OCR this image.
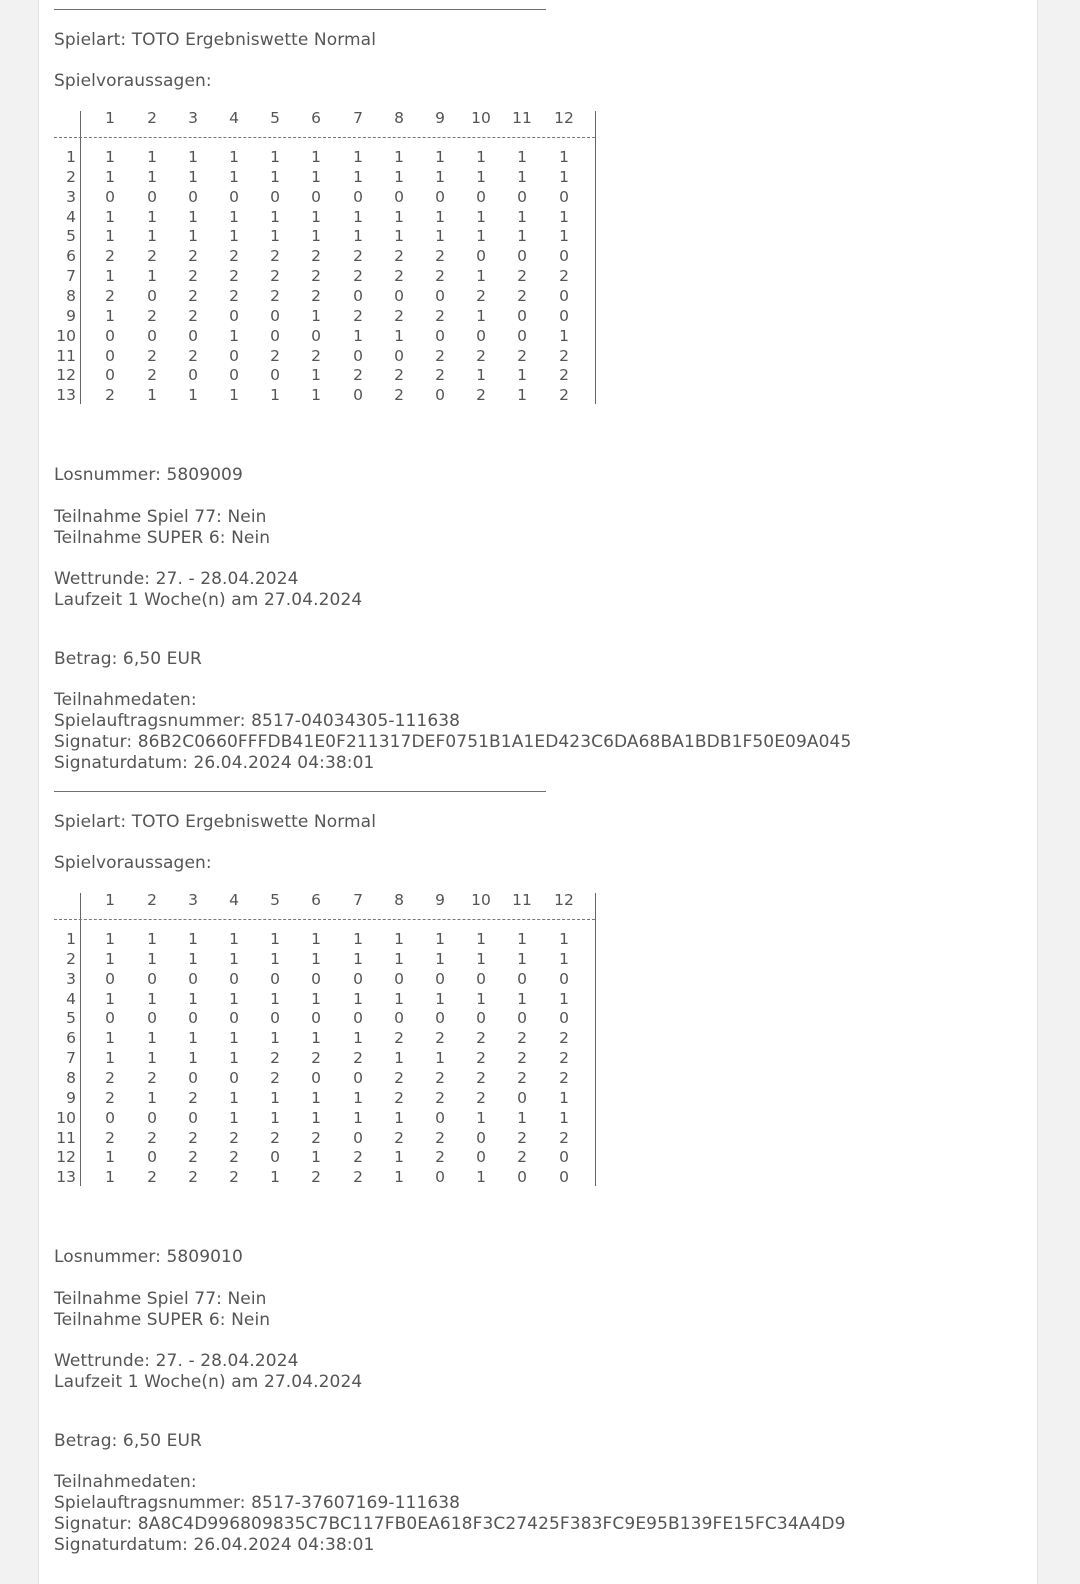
Spielart: TOTO Ergebniswette Normal
Spielvoraussagen:
1	2	3	4	5	6	7	8	9	10 11 12
1	1	1	1	1	1	1	1	1	1	1	1	1
2	1	1	1	1	1	1	1	1	1	1	1	1
3	0	0	0	0	0	0	0	0	0	0	0	0
4	1	1	1	1	1	1	1	1	1	1	1	1
5	1	1	1	1	1	1	1	1	1	1	1	1
6	2	2	2	2	2	2	2	2	2	0	0	0
7	1	1	2	2	2	2	2	2	2	1	2	2
8	2	0	2	2	2	2	0	0	0	2	2	0
9	1	2	2	0	0	1	2	2	2	1	0	0
10	0	0	0	1	0	0	1	1	0	0	0	1
11	0	2	2	0	2	2	0	0	2	2	2	2
12	0	2	0	0	0	1	2	2	2	1	1	2
13	2	1	1	1	1	1	0	2	0	2	1	2
Losnummer: 5809009
Teilnahme Spiel 77: Nein
Teilnahme SUPER 6: Nein
Wettrunde: 27. - 28.04.2024
Laufzeit 1 Woche(n) am 27.04.2024
Betrag: 6,50 EUR
Teilnahmedaten:
Spielauftragsnummer: 8517-04034305-111638
Signatur: 86B2C0660FFFDB41E0F211317DEF0751B1A1ED423C6DA68BA1BDB1F50E09A045
Signaturdatum: 26.04.2024 04:38:01
Spielart: TOTO Ergebniswette Normal
Spielvoraussagen:
1	2	3	4	5	6	7	8	9	10 11 12
1	1	1	1	1	1	1	1	1	1	1	1	1
2	1	1	1	1	1	1	1	1	1	1	1	1
3	0	0	0	0	0	0	0	0	0	0	0	0
4	1	1	1	1	1	1	1	1	1	1	1	1
5	0	0	0	0	0	0	0	0	0	0	0	0
6	1	1	1	1	1	1	1	2	2	2	2	2
7	1	1	1	1	2	2	2	1	1	2	2	2
8	2	2	0	0	2	0	0	2	2	2	2	2
9	2	1	2	1	1	1	1	2	2	2	0	1
10	0	0	0	1	1	1	1	1	0	1	1	1
11	2	2	2	2	2	2	0	2	2	0	2	2
12	1	0	2	2	0	1	2	1	2	0	2	0
13	1	2	2	2	1	2	2	1	0	1	0	0
Losnummer: 5809010
Teilnahme Spiel 77: Nein
Teilnahme SUPER 6: Nein
Wettrunde: 27. - 28.04.2024
Laufzeit 1 Woche(n) am 27.04.2024
Betrag: 6,50 EUR
Teilnahmedaten:
Spielauftragsnummer: 8517-37607169-111638
Signatur: 8A8C4D996809835C7BC117FB0EA618F3C27425F383FC9E95B139FE15FC34A4D9
Signaturdatum: 26.04.2024 04:38:01
